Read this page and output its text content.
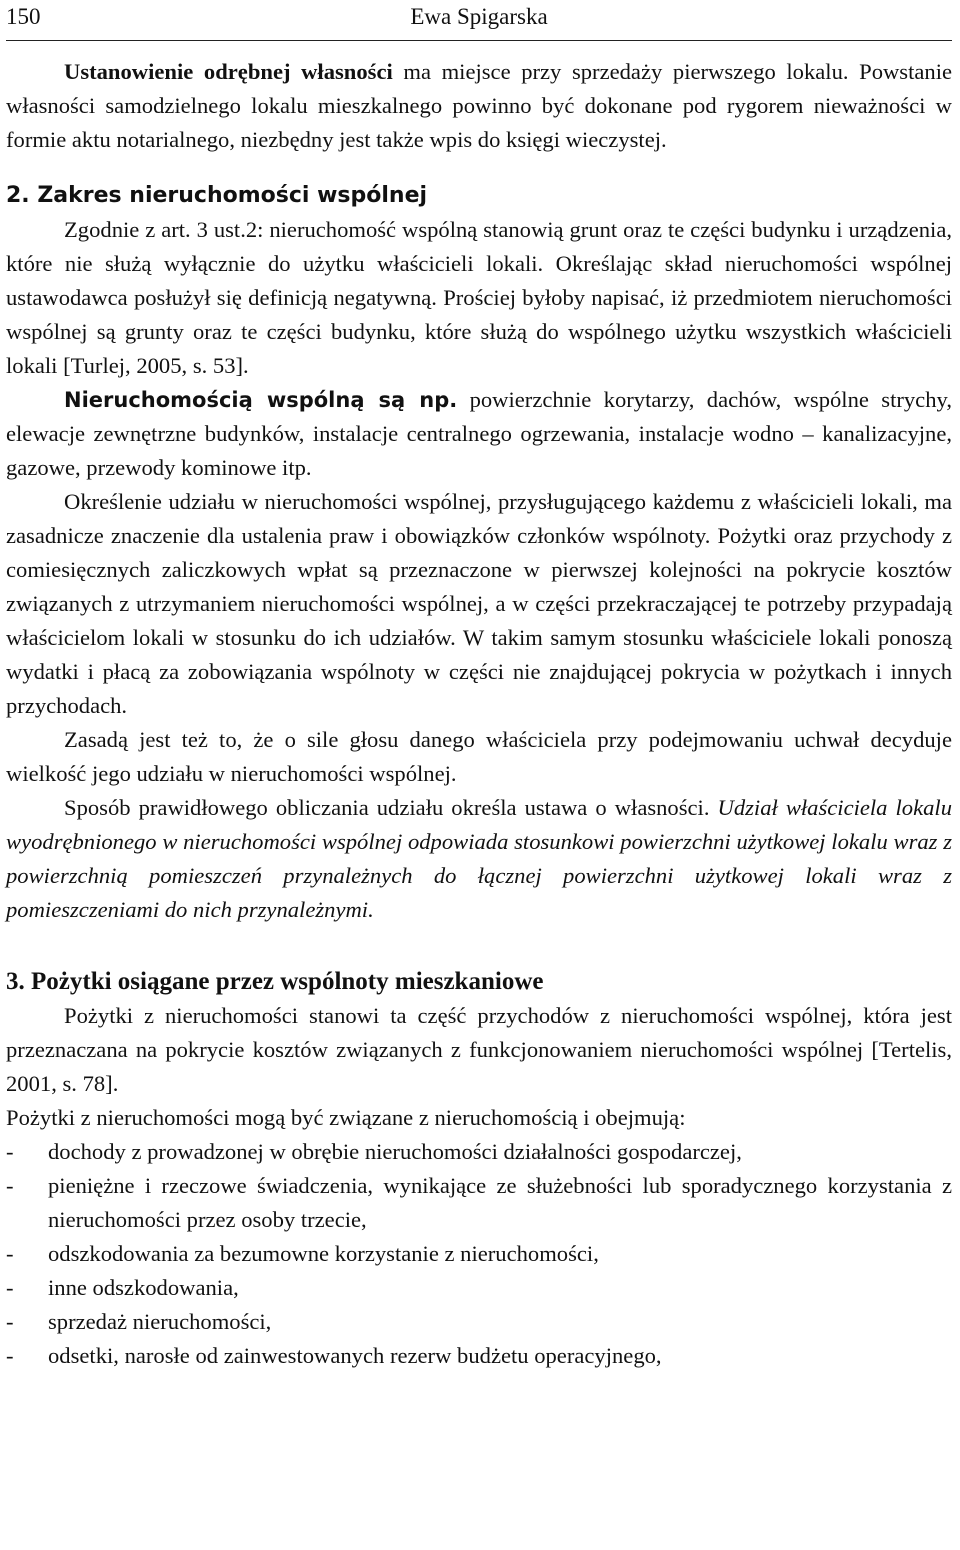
150	Ewa Spigarska

Ustanowienie odrębnej własności ma miejsce przy sprzedaży pierwszego lokalu. Powstanie własności samodzielnego lokalu mieszkalnego powinno być dokonane pod rygorem nieważności w formie aktu notarialnego, niezbędny jest także wpis do księgi wieczystej.

2. Zakres nieruchomości wspólnej

Zgodnie z art. 3 ust.2: nieruchomość wspólną stanowią grunt oraz te części budynku i urządzenia, które nie służą wyłącznie do użytku właścicieli lokali. Określając skład nieruchomości wspólnej ustawodawca posłużył się definicją negatywną. Prościej byłoby napisać, iż przedmiotem nieruchomości wspólnej są grunty oraz te części budynku, które służą do wspólnego użytku wszystkich właścicieli lokali [Turlej, 2005, s. 53].

Nieruchomością wspólną są np. powierzchnie korytarzy, dachów, wspólne strychy, elewacje zewnętrzne budynków, instalacje centralnego ogrzewania, instalacje wodno – kanalizacyjne, gazowe, przewody kominowe itp.

Określenie udziału w nieruchomości wspólnej, przysługującego każdemu z właścicieli lokali, ma zasadnicze znaczenie dla ustalenia praw i obowiązków członków wspólnoty. Pożytki oraz przychody z comiesięcznych zaliczkowych wpłat są przeznaczone w pierwszej kolejności na pokrycie kosztów związanych z utrzymaniem nieruchomości wspólnej, a w części przekraczającej te potrzeby przypadają właścicielom lokali w stosunku do ich udziałów. W takim samym stosunku właściciele lokali ponoszą wydatki i płacą za zobowiązania wspólnoty w części nie znajdującej pokrycia w pożytkach i innych przychodach.

Zasadą jest też to, że o sile głosu danego właściciela przy podejmowaniu uchwał decyduje wielkość jego udziału w nieruchomości wspólnej.

Sposób prawidłowego obliczania udziału określa ustawa o własności. Udział właściciela lokalu wyodrębnionego w nieruchomości wspólnej odpowiada stosunkowi powierzchni użytkowej lokalu wraz z powierzchnią pomieszczeń przynależnych do łącznej powierzchni użytkowej lokali wraz z pomieszczeniami do nich przynależnymi.

3. Pożytki osiągane przez wspólnoty mieszkaniowe

Pożytki z nieruchomości stanowi ta część przychodów z nieruchomości wspólnej, która jest przeznaczana na pokrycie kosztów związanych z funkcjonowaniem nieruchomości wspólnej [Tertelis, 2001, s. 78].

Pożytki z nieruchomości mogą być związane z nieruchomością i obejmują:

- dochody z prowadzonej w obrębie nieruchomości działalności gospodarczej,
- pieniężne i rzeczowe świadczenia, wynikające ze służebności lub sporadycznego korzystania z nieruchomości przez osoby trzecie,
- odszkodowania za bezumowne korzystanie z nieruchomości,
- inne odszkodowania,
- sprzedaż nieruchomości,
- odsetki, narosłe od zainwestowanych rezerw budżetu operacyjnego,
